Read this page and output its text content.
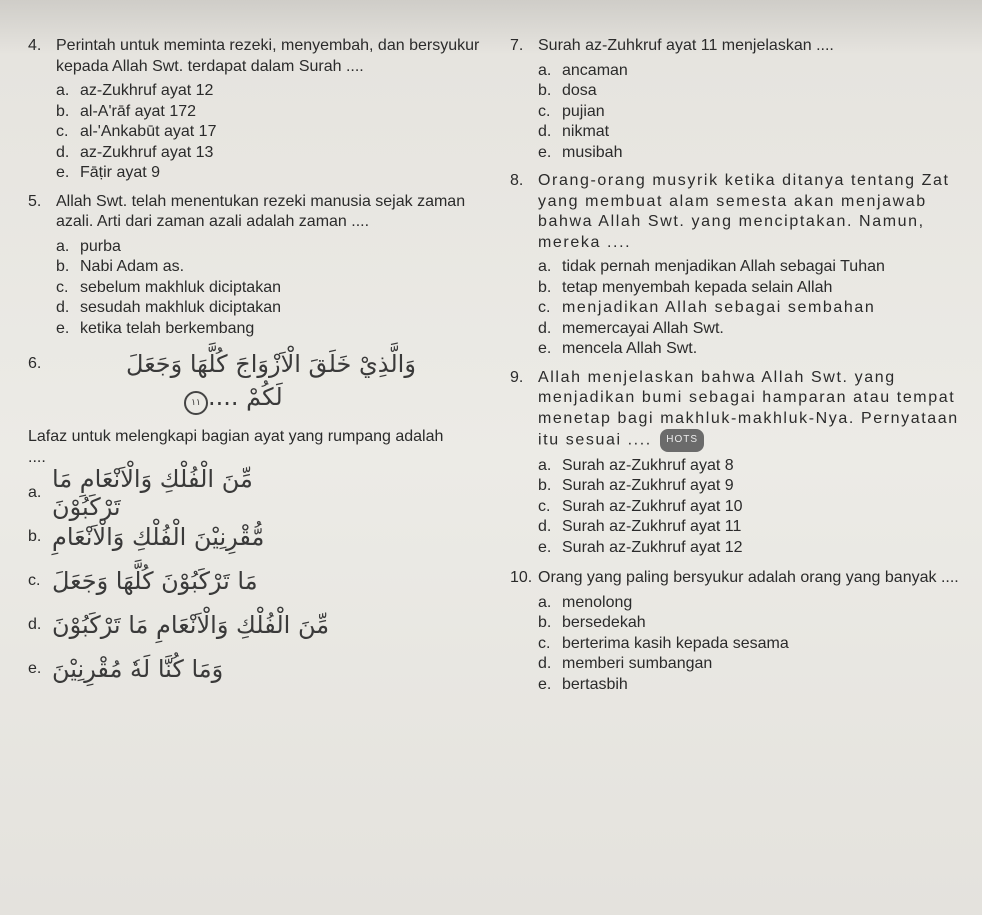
4. Perintah untuk meminta rezeki, menyembah, dan bersyukur kepada Allah Swt. terdapat dalam Surah ....
a. az-Zukhruf ayat 12
b. al-A'rāf ayat 172
c. al-'Ankabūt ayat 17
d. az-Zukhruf ayat 13
e. Fāṭir ayat 9
5. Allah Swt. telah menentukan rezeki manusia sejak zaman azali. Arti dari zaman azali adalah zaman ....
a. purba
b. Nabi Adam as.
c. sebelum makhluk diciptakan
d. sesudah makhluk diciptakan
e. ketika telah berkembang
6.	وَالَّذِيْ خَلَقَ الْاَزْوَاجَ كُلَّهَا وَجَعَلَ
لَكُمْ ....١١
Lafaz untuk melengkapi bagian ayat yang rumpang adalah ....
a. مِّنَ الْفُلْكِ وَالْاَنْعَامِ مَا تَرْكَبُوْنَ
b. مُّقْرِنِيْنَ الْفُلْكِ وَالْاَنْعَامِ
c. مَا تَرْكَبُوْنَ كُلَّهَا وَجَعَلَ
d. مِّنَ الْفُلْكِ وَالْاَنْعَامِ مَا تَرْكَبُوْنَ
e. وَمَا كُنَّا لَهٗ مُقْرِنِيْنَ
7. Surah az-Zuhkruf ayat 11 menjelaskan ....
a. ancaman
b. dosa
c. pujian
d. nikmat
e. musibah
8. Orang-orang musyrik ketika ditanya tentang Zat yang membuat alam semesta akan menjawab bahwa Allah Swt. yang menciptakan. Namun, mereka ....
a. tidak pernah menjadikan Allah sebagai Tuhan
b. tetap menyembah kepada selain Allah
c. menjadikan Allah sebagai sembahan
d. memercayai Allah Swt.
e. mencela Allah Swt.
9. Allah menjelaskan bahwa Allah Swt. yang menjadikan bumi sebagai hamparan atau tempat menetap bagi makhluk-makhluk-Nya. Pernyataan itu sesuai .... HOTS
a. Surah az-Zukhruf ayat 8
b. Surah az-Zukhruf ayat 9
c. Surah az-Zukhruf ayat 10
d. Surah az-Zukhruf ayat 11
e. Surah az-Zukhruf ayat 12
10. Orang yang paling bersyukur adalah orang yang banyak ....
a. menolong
b. bersedekah
c. berterima kasih kepada sesama
d. memberi sumbangan
e. bertasbih
